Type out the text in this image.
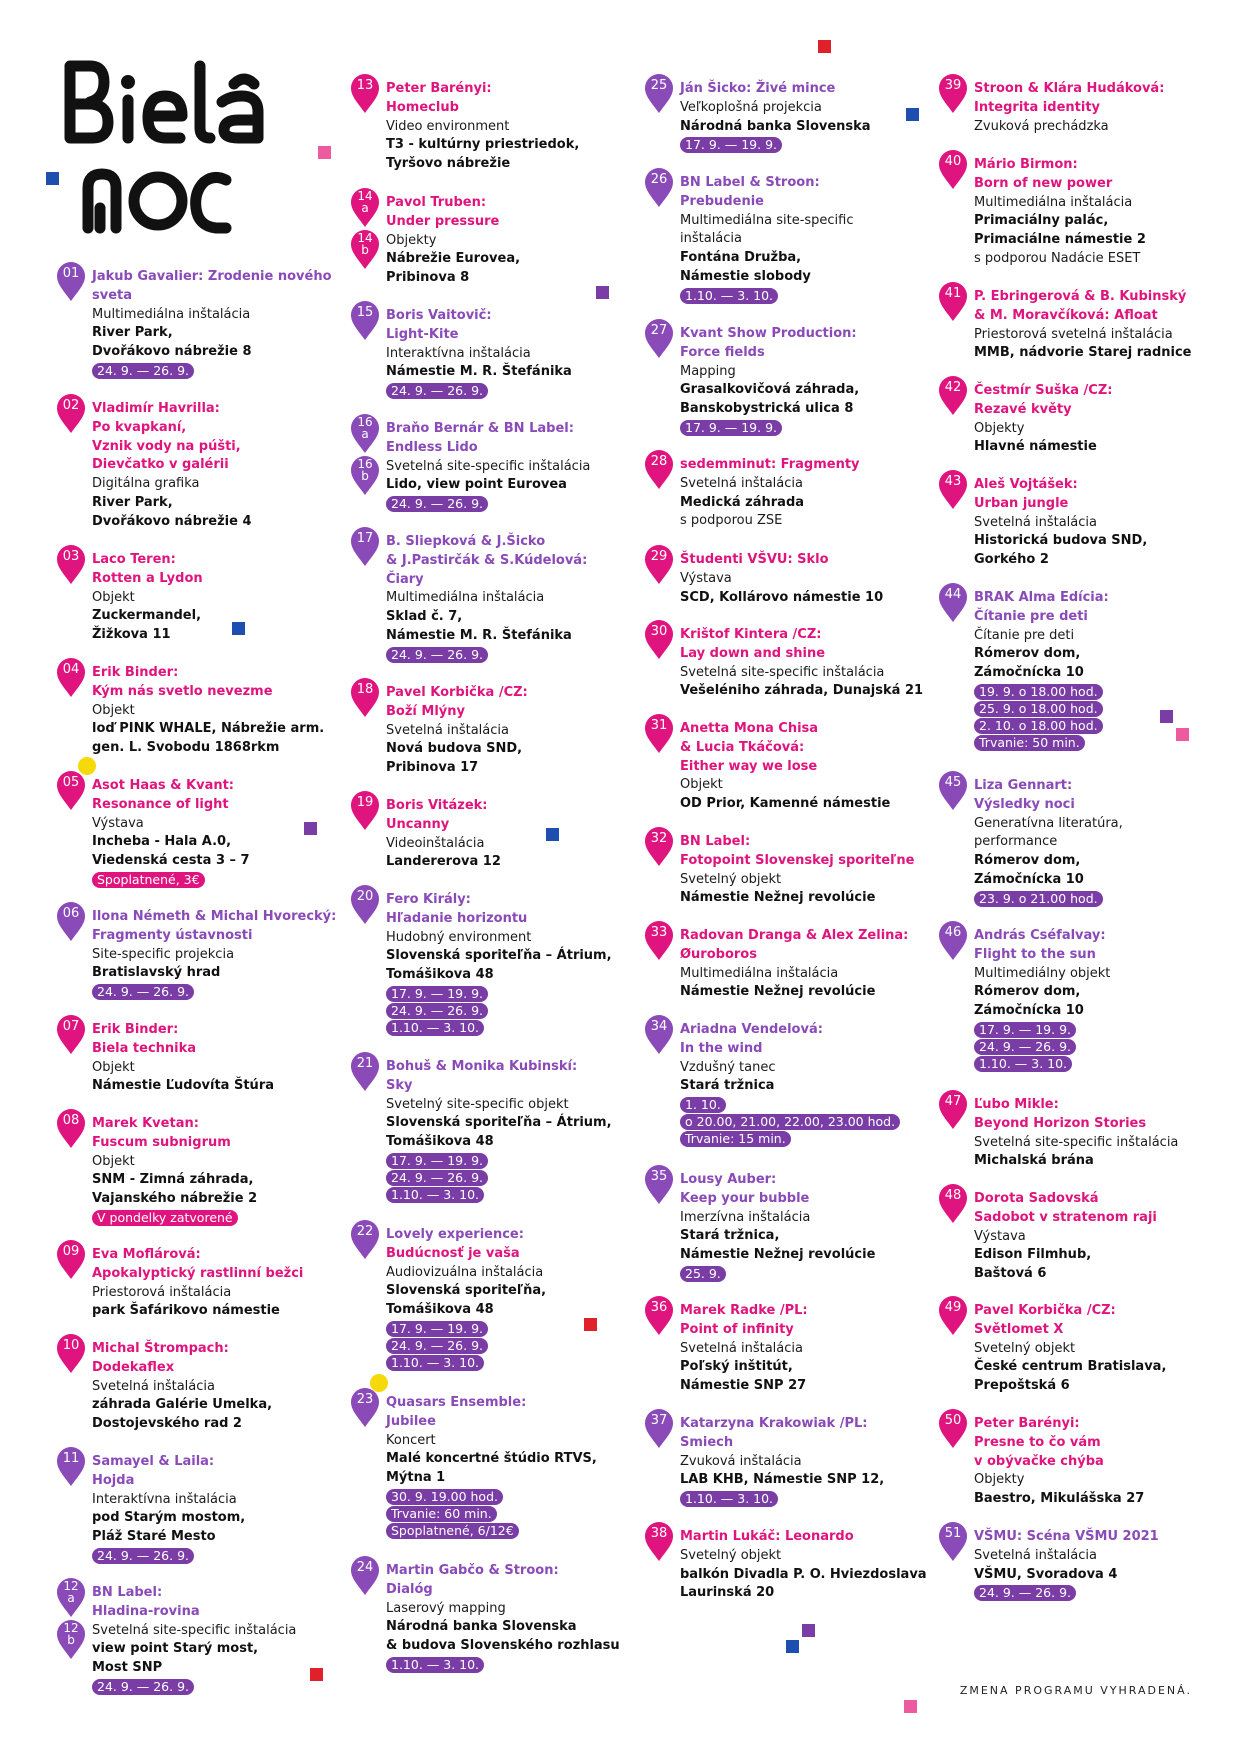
01 Jakub Gavalier: Zrodenie nového
sveta
Multimediálna inštalácia
River Park,
Dvořákovo nábrežie 8
24. 9. — 26. 9.
02 Vladimír Havrilla:
Po kvapkaní,
Vznik vody na púšti,
Dievčatko v galérii
Digitálna grafika
River Park,
Dvořákovo nábrežie 4
03 Laco Teren:
Rotten a Lydon
Objekt
Zuckermandel,
Žižkova 11
04 Erik Binder:
Kým nás svetlo nevezme
Objekt
loď PINK WHALE, Nábrežie arm.
gen. L. Svobodu 1868rkm
05 Asot Haas & Kvant:
Resonance of light
Výstava
Incheba - Hala A.0,
Viedenská cesta 3 – 7
Spoplatnené, 3€
06 Ilona Németh & Michal Hvorecký:
Fragmenty ústavnosti
Site-specific projekcia
Bratislavský hrad
24. 9. — 26. 9.
07 Erik Binder:
Biela technika
Objekt
Námestie Ľudovíta Štúra
08 Marek Kvetan:
Fuscum subnigrum
Objekt
SNM - Zimná záhrada,
Vajanského nábrežie 2
V pondelky zatvorené
09 Eva Moflárová:
Apokalyptický rastlinní bežci
Priestorová inštalácia
park Šafárikovo námestie
10 Michal Štrompach:
Dodekaflex
Svetelná inštalácia
záhrada Galérie Umelka,
Dostojevského rad 2
11 Samayel & Laila:
Hojda
Interaktívna inštalácia
pod Starým mostom,
Pláž Staré Mesto
24. 9. — 26. 9.
12
a
12
b
BN Label:
Hladina-rovina
Svetelná site-specific inštalácia
view point Starý most,
Most SNP
24. 9. — 26. 9.
13 Peter Barényi:
Homeclub
Video environment
T3 - kultúrny priestriedok,
Tyršovo nábrežie
14
a
14
b
Pavol Truben:
Under pressure
Objekty
Nábrežie Eurovea,
Pribinova 8
15 Boris Vaitovič:
Light-Kite
Interaktívna inštalácia
Námestie M. R. Štefánika
24. 9. — 26. 9.
16
a
16
b
Braňo Bernár & BN Label:
Endless Lido
Svetelná site-specific inštalácia
Lido, view point Eurovea
24. 9. — 26. 9.
17 B. Sliepková & J.Šicko
& J.Pastirčák & S.Kúdelová:
Čiary
Multimediálna inštalácia
Sklad č. 7,
Námestie M. R. Štefánika
24. 9. — 26. 9.
18 Pavel Korbička /CZ:
Boží Mlýny
Svetelná inštalácia
Nová budova SND,
Pribinova 17
19 Boris Vitázek:
Uncanny
Videoinštalácia
Landererova 12
20 Fero Király:
Hľadanie horizontu
Hudobný environment
Slovenská sporiteľňa – Átrium,
Tomášikova 48
17. 9. — 19. 9.
24. 9. — 26. 9.
1.10. — 3. 10.
21 Bohuš & Monika Kubinskí:
Sky
Svetelný site-specific objekt
Slovenská sporiteľňa – Átrium,
Tomášikova 48
17. 9. — 19. 9.
24. 9. — 26. 9.
1.10. — 3. 10.
22 Lovely experience:
Budúcnosť je vaša
Audiovizuálna inštalácia
Slovenská sporiteľňa,
Tomášikova 48
17. 9. — 19. 9.
24. 9. — 26. 9.
1.10. — 3. 10.
23 Quasars Ensemble:
Jubilee
Koncert
Malé koncertné štúdio RTVS,
Mýtna 1
30. 9. 19.00 hod.
Trvanie: 60 min.
Spoplatnené, 6/12€
24 Martin Gabčo & Stroon:
Dialóg
Laserový mapping
Národná banka Slovenska
& budova Slovenského rozhlasu
1.10. — 3. 10.
25 Ján Šicko: Živé mince
Veľkoplošná projekcia
Národná banka Slovenska
17. 9. — 19. 9.
26 BN Label & Stroon:
Prebudenie
Multimediálna site-specific
inštalácia
Fontána Družba,
Námestie slobody
1.10. — 3. 10.
27 Kvant Show Production:
Force fields
Mapping
Grasalkovičová záhrada,
Banskobystrická ulica 8
17. 9. — 19. 9.
28 sedemminut: Fragmenty
Svetelná inštalácia
Medická záhrada
s podporou ZSE
29 Študenti VŠVU: Sklo
Výstava
SCD, Kollárovo námestie 10
30 Krištof Kintera /CZ:
Lay down and shine
Svetelná site-specific inštalácia
Vešeléniho záhrada, Dunajská 21
31 Anetta Mona Chisa
& Lucia Tkáčová:
Either way we lose
Objekt
OD Prior, Kamenné námestie
32 BN Label:
Fotopoint Slovenskej sporiteľne
Svetelný objekt
Námestie Nežnej revolúcie
33 Radovan Dranga & Alex Zelina:
Øuroboros
Multimediálna inštalácia
Námestie Nežnej revolúcie
34 Ariadna Vendelová:
In the wind
Vzdušný tanec
Stará tržnica
1. 10.
o 20.00, 21.00, 22.00, 23.00 hod.
Trvanie: 15 min.
35 Lousy Auber:
Keep your bubble
Imerzívna inštalácia
Stará tržnica,
Námestie Nežnej revolúcie
25. 9.
36 Marek Radke /PL:
Point of infinity
Svetelná inštalácia
Poľský inštitút,
Námestie SNP 27
37 Katarzyna Krakowiak /PL:
Smiech
Zvuková inštalácia
LAB KHB, Námestie SNP 12,
1.10. — 3. 10.
38 Martin Lukáč: Leonardo
Svetelný objekt
balkón Divadla P. O. Hviezdoslava
Laurinská 20
39 Stroon & Klára Hudáková:
Integrita identity
Zvuková prechádzka
40 Mário Birmon:
Born of new power
Multimediálna inštalácia
Primaciálny palác,
Primaciálne námestie 2
s podporou Nadácie ESET
41 P. Ebringerová & B. Kubinský
& M. Moravčíková: Afloat
Priestorová svetelná inštalácia
MMB, nádvorie Starej radnice
42 Čestmír Suška /CZ:
Rezavé květy
Objekty
Hlavné námestie
43 Aleš Vojtášek:
Urban jungle
Svetelná inštalácia
Historická budova SND,
Gorkého 2
44 BRAK Alma Edícia:
Čítanie pre deti
Čítanie pre deti
Rómerov dom,
Zámočnícka 10
19. 9. o 18.00 hod.
25. 9. o 18.00 hod.
2. 10. o 18.00 hod.
Trvanie: 50 min.
45 Liza Gennart:
Výsledky noci
Generatívna literatúra,
performance
Rómerov dom,
Zámočnícka 10
23. 9. o 21.00 hod.
46 András Cséfalvay:
Flight to the sun
Multimediálny objekt
Rómerov dom,
Zámočnícka 10
17. 9. — 19. 9.
24. 9. — 26. 9.
1.10. — 3. 10.
47 Ľubo Mikle:
Beyond Horizon Stories
Svetelná site-specific inštalácia
Michalská brána
48 Dorota Sadovská
Sadobot v stratenom raji
Výstava
Edison Filmhub,
Baštová 6
49 Pavel Korbička /CZ:
Světlomet X
Svetelný objekt
České centrum Bratislava,
Prepoštská 6
50 Peter Barényi:
Presne to čo vám
v obývačke chýba
Objekty
Baestro, Mikulášska 27
51 VŠMU: Scéna VŠMU 2021
Svetelná inštalácia
VŠMU, Svoradova 4
24. 9. — 26. 9.
ZMENA PROGRAMU VYHRADENÁ.
